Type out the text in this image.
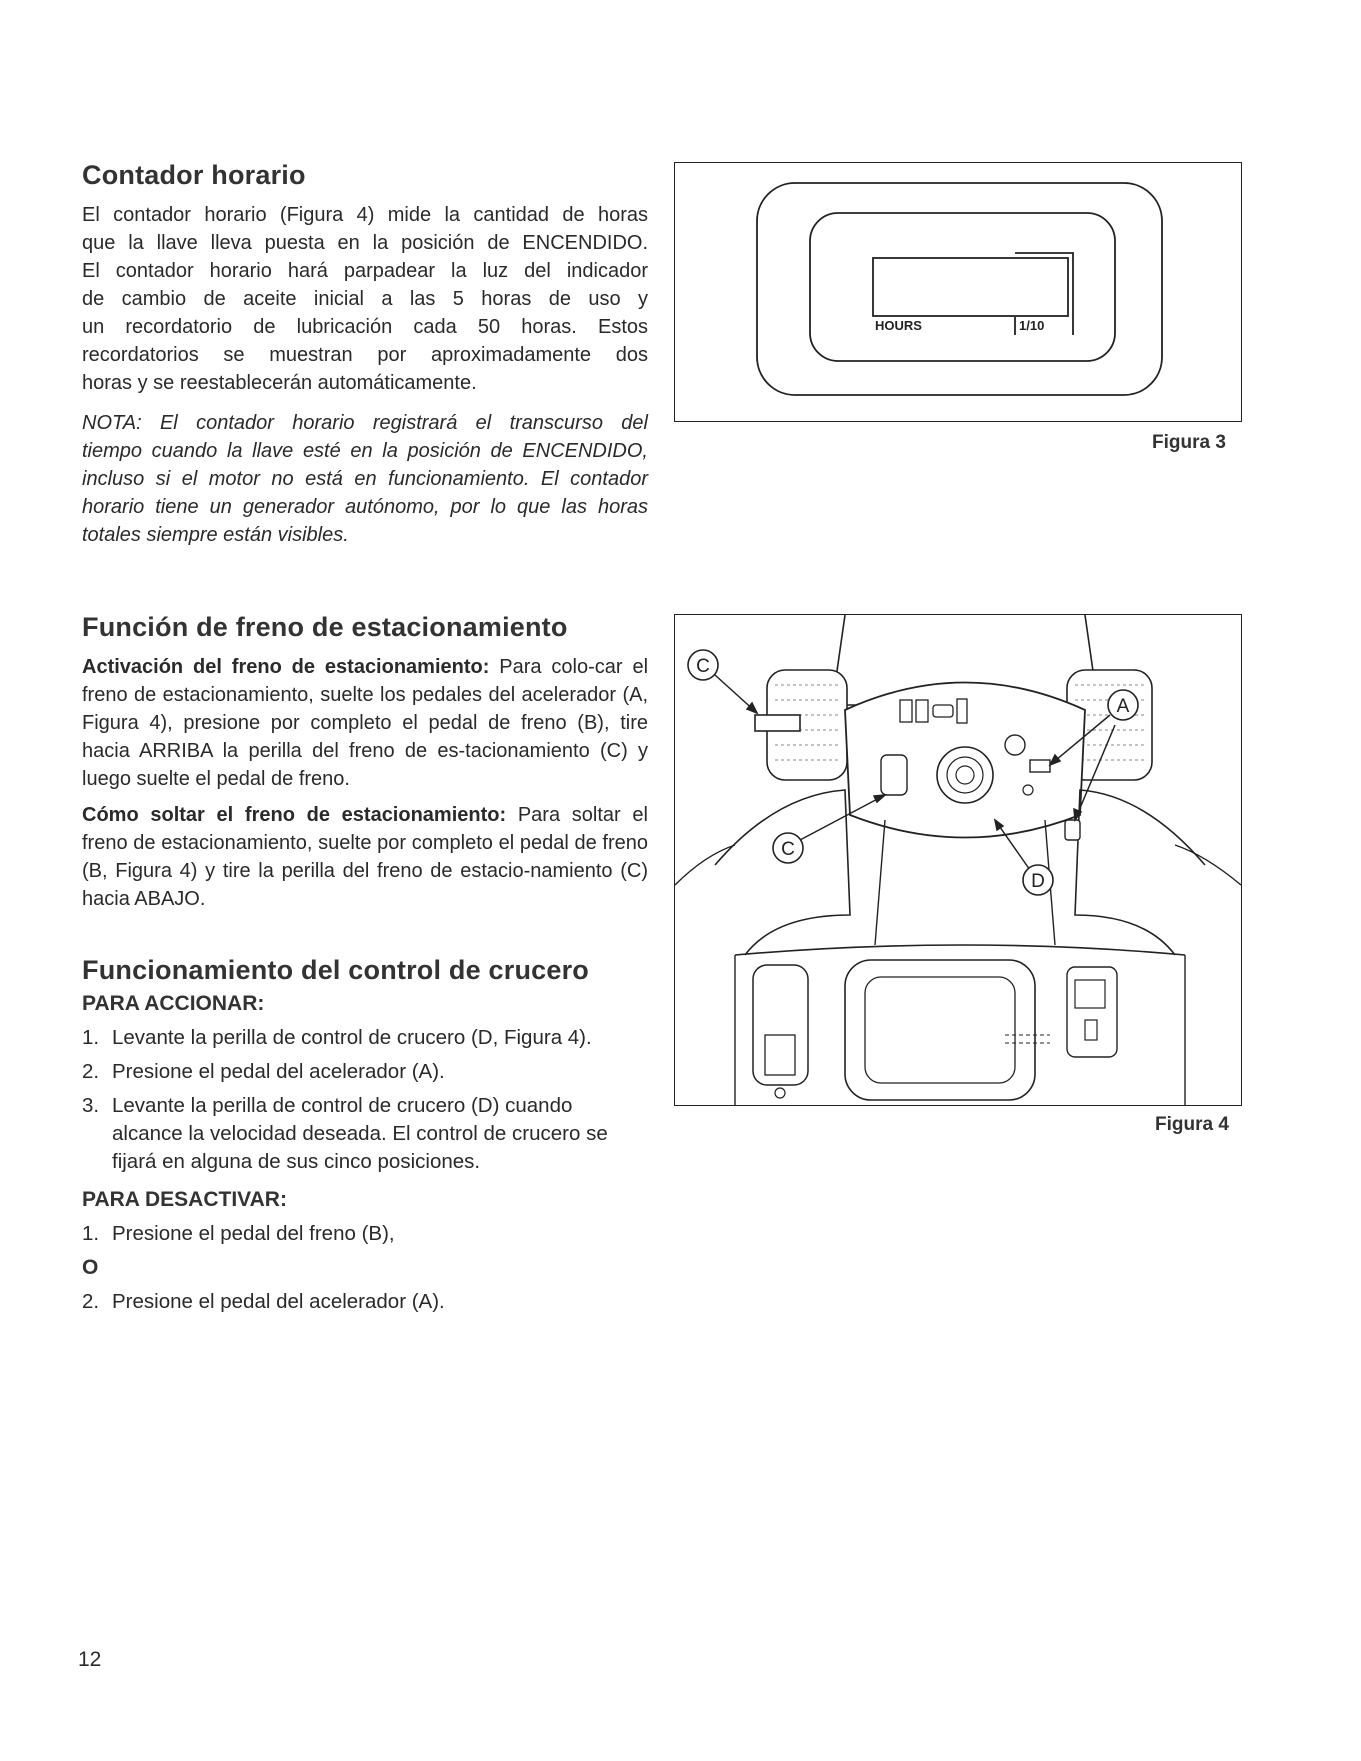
Contador horario

El contador horario (Figura 4) mide la cantidad de horas

que la llave lleva puesta en la posición de ENCENDIDO.

El contador horario hará parpadear la luz del indicador

de cambio de aceite inicial a las 5 horas de uso y

un recordatorio de lubricación cada 50 horas. Estos

recordatorios se muestran por aproximadamente dos

horas y se reestablecerán automáticamente.

NOTA: El contador horario registrará el transcurso del

tiempo cuando la llave esté en la posición de ENCENDIDO,

incluso si el motor no está en funcionamiento. El contador

horario tiene un generador autónomo, por lo que las horas

totales siempre están visibles.

Función de freno de estacionamiento

Activación del freno de estacionamiento: Para colo-car el freno de estacionamiento, suelte los pedales del acelerador (A, Figura 4), presione por completo el pedal de freno (B), tire hacia ARRIBA la perilla del freno de es-tacionamiento (C) y luego suelte el pedal de freno.

Cómo soltar el freno de estacionamiento: Para soltar el freno de estacionamiento, suelte por completo el pedal de freno (B, Figura 4) y tire la perilla del freno de estacio-namiento (C) hacia ABAJO.

Funcionamiento del control de crucero
PARA ACCIONAR:
1. Levante la perilla de control de crucero (D, Figura 4).
2. Presione el pedal del acelerador (A).
3. Levante la perilla de control de crucero (D) cuando alcance la velocidad deseada. El control de crucero se fijará en alguna de sus cinco posiciones.
PARA DESACTIVAR:
1. Presione el pedal del freno (B),
O
2. Presione el pedal del acelerador (A).
HOURS	1/10
Figura 3
C
A
C
D
Figura 4
12
